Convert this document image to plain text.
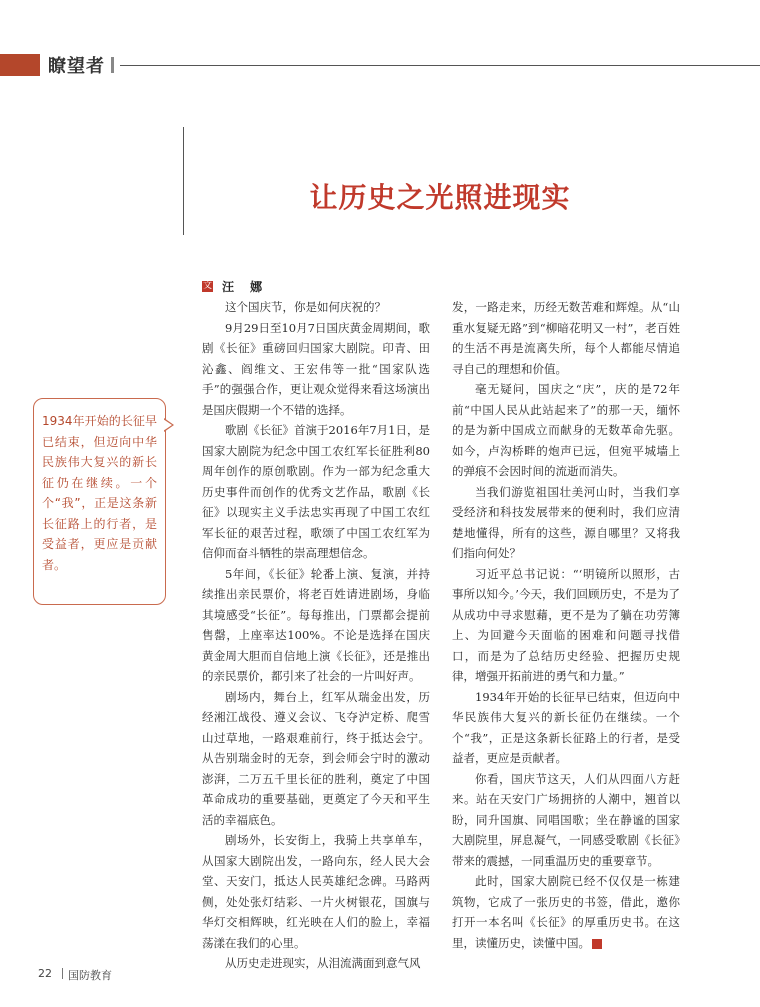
瞭望者
让历史之光照进现实
文 汪 娜
1934年开始的长征早已结束，但迈向中华民族伟大复兴的新长征仍在继续。一个个“我”，正是这条新长征路上的行者，是受益者，更应是贡献者。

这个国庆节，你是如何庆祝的？

9月29日至10月7日国庆黄金周期间，歌剧《长征》重磅回归国家大剧院。印青、田沁鑫、阎维文、王宏伟等一批“国家队选手”的强强合作，更让观众觉得来看这场演出是国庆假期一个不错的选择。

歌剧《长征》首演于2016年7月1日，是国家大剧院为纪念中国工农红军长征胜利80周年创作的原创歌剧。作为一部为纪念重大历史事件而创作的优秀文艺作品，歌剧《长征》以现实主义手法忠实再现了中国工农红军长征的艰苦过程，歌颂了中国工农红军为信仰而奋斗牺牲的崇高理想信念。

5年间，《长征》轮番上演、复演，并持续推出亲民票价，将老百姓请进剧场，身临其境感受“长征”。每每推出，门票都会提前售罄，上座率达100%。不论是选择在国庆黄金周大胆而自信地上演《长征》，还是推出的亲民票价，都引来了社会的一片叫好声。

剧场内，舞台上，红军从瑞金出发，历经湘江战役、遵义会议、飞夺泸定桥、爬雪山过草地，一路艰难前行，终于抵达会宁。从告别瑞金时的无奈，到会师会宁时的激动澎湃，二万五千里长征的胜利，奠定了中国革命成功的重要基础，更奠定了今天和平生活的幸福底色。

剧场外，长安街上，我骑上共享单车，从国家大剧院出发，一路向东，经人民大会堂、天安门，抵达人民英雄纪念碑。马路两侧，处处张灯结彩、一片火树银花，国旗与华灯交相辉映，红光映在人们的脸上，幸福荡漾在我们的心里。

从历史走进现实，从泪流满面到意气风

发，一路走来，历经无数苦难和辉煌。从“山重水复疑无路”到“柳暗花明又一村”，老百姓的生活不再是流离失所，每个人都能尽情追寻自己的理想和价值。

毫无疑问，国庆之“庆”，庆的是72年前“中国人民从此站起来了”的那一天，缅怀的是为新中国成立而献身的无数革命先驱。如今，卢沟桥畔的炮声已远，但宛平城墙上的弹痕不会因时间的流逝而消失。

当我们游览祖国壮美河山时，当我们享受经济和科技发展带来的便利时，我们应清楚地懂得，所有的这些，源自哪里？又将我们指向何处？

习近平总书记说：“‘明镜所以照形，古事所以知今。’今天，我们回顾历史，不是为了从成功中寻求慰藉，更不是为了躺在功劳簿上、为回避今天面临的困难和问题寻找借口，而是为了总结历史经验、把握历史规律，增强开拓前进的勇气和力量。”

1934年开始的长征早已结束，但迈向中华民族伟大复兴的新长征仍在继续。一个个“我”，正是这条新长征路上的行者，是受益者，更应是贡献者。

你看，国庆节这天，人们从四面八方赶来。站在天安门广场拥挤的人潮中，翘首以盼，同升国旗、同唱国歌；坐在静谧的国家大剧院里，屏息凝气，一同感受歌剧《长征》带来的震撼，一同重温历史的重要章节。

此时，国家大剧院已经不仅仅是一栋建筑物，它成了一张历史的书签，借此，邀你打开一本名叫《长征》的厚重历史书。在这里，读懂历史，读懂中国。	G

22 国防教育
